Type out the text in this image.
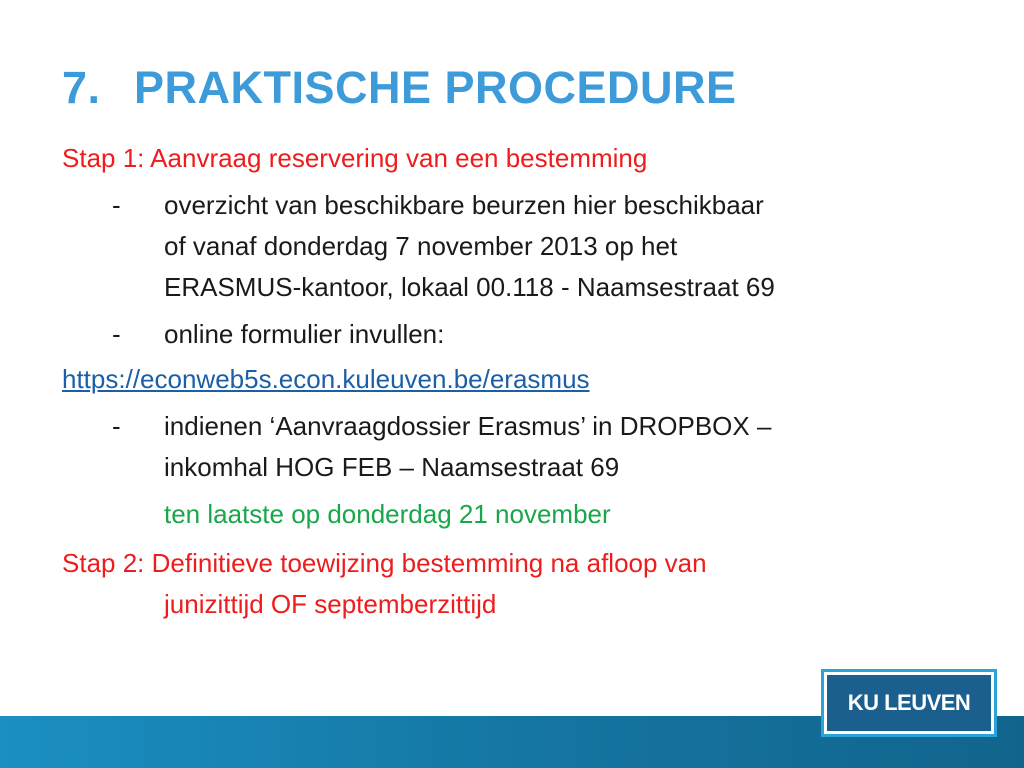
7. PRAKTISCHE PROCEDURE
Stap 1: Aanvraag reservering van een bestemming
-	overzicht van beschikbare beurzen hier beschikbaar
of vanaf donderdag 7 november 2013 op het
ERASMUS-kantoor, lokaal 00.118 - Naamsestraat 69
-	online formulier invullen:
https://econweb5s.econ.kuleuven.be/erasmus
-	indienen ‘Aanvraagdossier Erasmus’ in DROPBOX –
inkomhal HOG FEB – Naamsestraat 69
ten laatste op donderdag 21 november
Stap 2: Definitieve toewijzing bestemming na afloop van
junizittijd OF septemberzittijd
KU LEUVEN
